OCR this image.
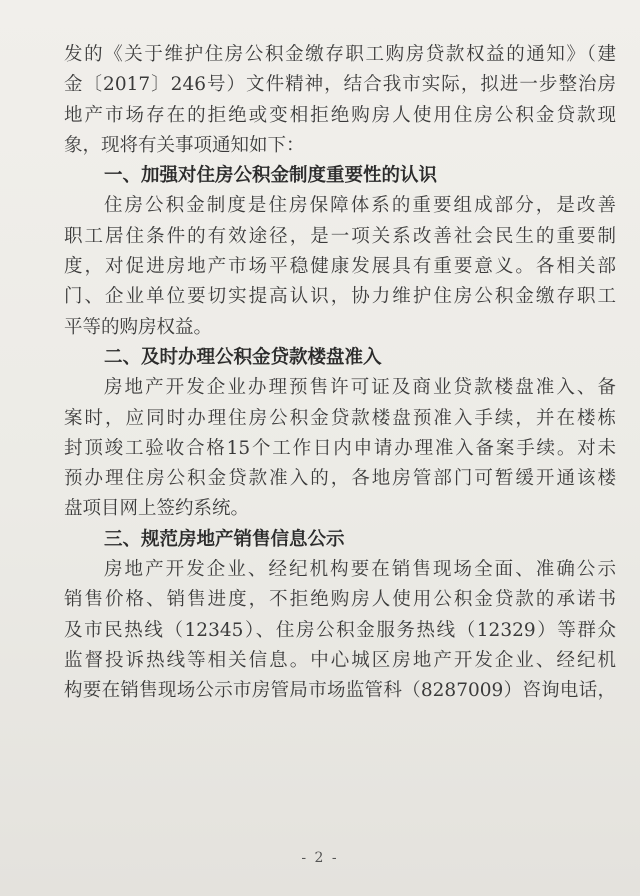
发的《关于维护住房公积金缴存职工购房贷款权益的通知》（建

金〔2017〕246号）文件精神，结合我市实际，拟进一步整治房

地产市场存在的拒绝或变相拒绝购房人使用住房公积金贷款现

象，现将有关事项通知如下：

一、加强对住房公积金制度重要性的认识

住房公积金制度是住房保障体系的重要组成部分，是改善

职工居住条件的有效途径，是一项关系改善社会民生的重要制

度，对促进房地产市场平稳健康发展具有重要意义。各相关部

门、企业单位要切实提高认识，协力维护住房公积金缴存职工

平等的购房权益。

二、及时办理公积金贷款楼盘准入

房地产开发企业办理预售许可证及商业贷款楼盘准入、备

案时，应同时办理住房公积金贷款楼盘预准入手续，并在楼栋

封顶竣工验收合格15个工作日内申请办理准入备案手续。对未

预办理住房公积金贷款准入的，各地房管部门可暂缓开通该楼

盘项目网上签约系统。

三、规范房地产销售信息公示

房地产开发企业、经纪机构要在销售现场全面、准确公示

销售价格、销售进度，不拒绝购房人使用公积金贷款的承诺书

及市民热线（12345）、住房公积金服务热线（12329）等群众

监督投诉热线等相关信息。中心城区房地产开发企业、经纪机

构要在销售现场公示市房管局市场监管科（8287009）咨询电话，

- 2 -
